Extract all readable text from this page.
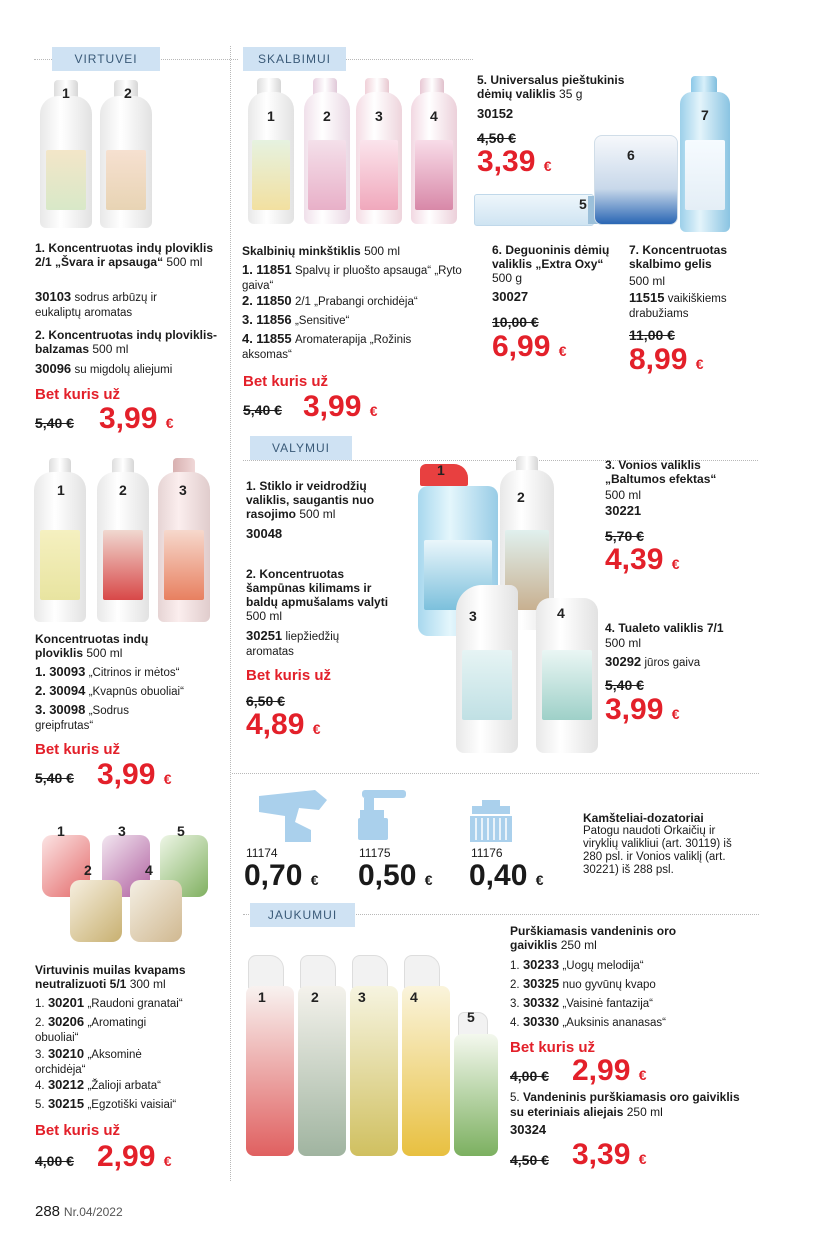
VIRTUVEI	SKALBIMUI
VALYMUI
JAUKUMUI
1	2
1. Koncentruotas indų ploviklis 2/1 „Švara ir apsauga“ 500 ml
30103 sodrus arbūzų ir eukaliptų aromatas
2. Koncentruotas indų ploviklis-balzamas 500 ml
30096 su migdolų aliejumi
Bet kuris už
5,40 € 3,99 €
1	2	3
Koncentruotas indų ploviklis 500 ml
1. 30093 „Citrinos ir mėtos“
2. 30094 „Kvapnūs obuoliai“
3. 30098 „Sodrus greipfrutas“
Bet kuris už
5,40 € 3,99 €
1	3	5
2	4
Virtuvinis muilas kvapams neutralizuoti 5/1 300 ml
1. 30201 „Raudoni granatai“
2. 30206 „Aromatingi obuoliai“
3. 30210 „Aksominė orchidėja“
4. 30212 „Žalioji arbata“
5. 30215 „Egzotiški vaisiai“
Bet kuris už
4,00 € 2,99 €
1	2	3	4
Skalbinių minkštiklis 500 ml
1. 11851 Spalvų ir pluošto apsauga“ „Ryto gaiva“
2. 11850 2/1 „Prabangi orchidėja“
3. 11856 „Sensitive“
4. 11855 Aromaterapija „Rožinis aksomas“
Bet kuris už
5,40 € 3,99 €
5. Universalus pieštukinis dėmių valiklis 35 g
30152
4,50 €
3,39 €
5
6
7
6. Deguoninis dėmių valiklis „Extra Oxy“ 500 g
30027
10,00 €
6,99 €
7. Koncentruotas skalbimo gelis
500 ml
11515 vaikiškiems drabužiams
11,00 €
8,99 €
1. Stiklo ir veidrodžių valiklis, saugantis nuo rasojimo 500 ml
30048
2. Koncentruotas šampūnas kilimams ir baldų apmušalams valyti 500 ml
30251 liepžiedžių aromatas
Bet kuris už
6,50 €
4,89 €
1
2
3	4
3. Vonios valiklis „Baltumos efektas“
500 ml
30221
5,70 €
4,39 €
4. Tualeto valiklis 7/1
500 ml
30292 jūros gaiva
5,40 €
3,99 €
11174
0,70 €
11175
0,50 €
11176
0,40 €
Kamšteliai-dozatoriai
Patogu naudoti Orkaičių ir viryklių valikliui (art. 30119) iš 280 psl. ir Vonios valiklį (art. 30221) iš 288 psl.
1	2	3	4
5
Purškiamasis vandeninis oro gaiviklis 250 ml
1. 30233 „Uogų melodija“
2. 30325 nuo gyvūnų kvapo
3. 30332 „Vaisinė fantazija“
4. 30330 „Auksinis ananasas“
Bet kuris už
4,00 € 2,99 €
5. Vandeninis purškiamasis oro gaiviklis su eteriniais aliejais 250 ml
30324
4,50 € 3,39 €
288 Nr.04/2022
